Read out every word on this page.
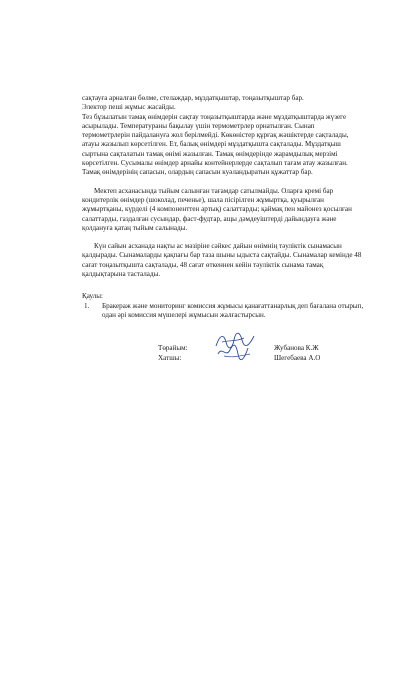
сақтауға арналған бөлме, стелаждар, мұздатқыштар, тоңазытқыштар бар.

Электор пеші жұмыс жасайды.

Тез бұзылатын тамақ өнімдерін сақтау тоңазытқыштарда және мұздатқыштарда жүзеге асырылады. Температураны бақылау үшін термометрлер орнатылған. Сынап термометрлерін пайдалануға жол берілмейді. Көкөністер құрғақ жәшіктерде сақталады, атауы жазылып көрсетілген. Ет, балық өнімдері мұздатқышта сақталады. Мұздатқыш сыртына сақталатын тамақ өнімі жазылған. Тамақ өнімдерінде жарамдылық мерзімі көрсетілген. Сусымалы өнімдер арнайы контейнерлерде сақталып тағам атау жазылған. Тамақ өнімдерінің сапасын, олардың сапасын куәландыратын құжаттар бар.

Мектеп асханасында тыйым салынған тағамдар сатылмайды. Оларға кремі бар кондитерлік өнімдер (шоколад, печенье), шала пісірілген жұмыртқа, қуырылған жұмыртқаны, күрделі (4 компоненттен артық) салаттарды; қаймақ пен майонез қосылған салаттарды, газдалған сусындар, фаст-фудтар, ащы дәмдеуіштерді дайындауға және қолдануға қатаң тыйым салынады.

Күн сайын асханада нақты ас мәзіріне сәйкес дайын өнімнің тәуліктік сынамасын қалдырады. Сынамаларды қақпағы бар таза шыны ыдыста сақтайды. Сынамалар кемінде 48 сағат тоңазытқышта сақталады, 48 сағат өткеннен кейін тәуліктік сынама тамақ қалдықтарына тасталады.

Қаулы:

1.	Бракераж және мониторинг комиссия жұмысы қанағаттанарлық деп бағалана отырып, одан әрі комиссия мүшелері жұмысын жалғастырсын.
Төрайым:	Жубанова К.Ж
Хатшы:	Шегебаева А.О
